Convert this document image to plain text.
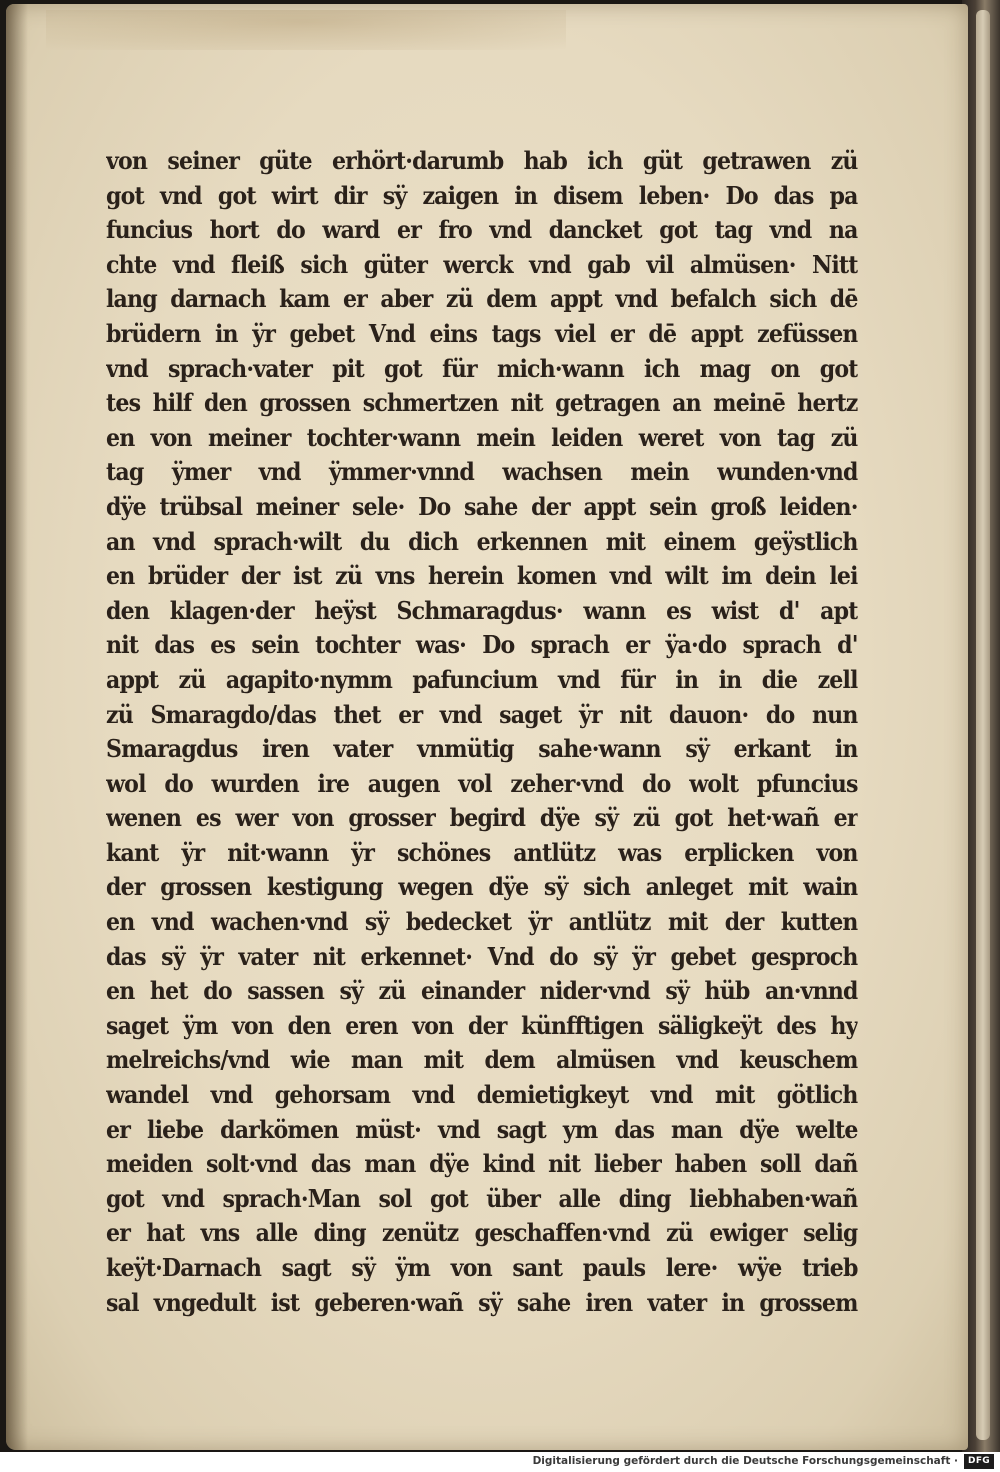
von seiner güte erhört·darumb hab ich güt getrawen zü
got vnd got wirt dir sÿ zaigen in disem leben· Do das pa
funcius hort do ward er fro vnd dancket got tag vnd na
chte vnd fleiß sich güter werck vnd gab vil almüsen· Nitt
lang darnach kam er aber zü dem appt vnd befalch sich dē
brüdern in ÿr gebet Vnd eins tags viel er dē appt zefüssen
vnd sprach·vater pit got für mich·wann ich mag on got
tes hilf den grossen schmertzen nit getragen an meinē hertz
en von meiner tochter·wann mein leiden weret von tag zü
tag ÿmer vnd ÿmmer·vnnd wachsen mein wunden·vnd
dÿe trübsal meiner sele· Do sahe der appt sein groß leiden·
an vnd sprach·wilt du dich erkennen mit einem geÿstlich
en brüder der ist zü vns herein komen vnd wilt im dein lei
den klagen·der heÿst Schmaragdus· wann es wist d' apt
nit das es sein tochter was· Do sprach er ÿa·do sprach d'
appt zü agapito·nymm pafuncium vnd für in in die zell
zü Smaragdo/das thet er vnd saget ÿr nit dauon· do nun
Smaragdus iren vater vnmütig sahe·wann sÿ erkant in
wol do wurden ire augen vol zeher·vnd do wolt pfuncius
wenen es wer von grosser begird dÿe sÿ zü got het·wañ er
kant ÿr nit·wann ÿr schönes antlütz was erplicken von
der grossen kestigung wegen dÿe sÿ sich anleget mit wain
en vnd wachen·vnd sÿ bedecket ÿr antlütz mit der kutten
das sÿ ÿr vater nit erkennet· Vnd do sÿ ÿr gebet gesproch
en het do sassen sÿ zü einander nider·vnd sÿ hüb an·vnnd
saget ÿm von den eren von der künfftigen säligkeÿt des hy
melreichs/vnd wie man mit dem almüsen vnd keuschem
wandel vnd gehorsam vnd demietigkeyt vnd mit götlich
er liebe darkömen müst· vnd sagt ym das man dÿe welte
meiden solt·vnd das man dÿe kind nit lieber haben soll dañ
got vnd sprach·Man sol got über alle ding liebhaben·wañ
er hat vns alle ding zenütz geschaffen·vnd zü ewiger selig
keÿt·Darnach sagt sÿ ÿm von sant pauls lere· wÿe trieb
sal vngedult ist geberen·wañ sÿ sahe iren vater in grossem
Digitalisierung gefördert durch die Deutsche Forschungsgemeinschaft ·	DFG
